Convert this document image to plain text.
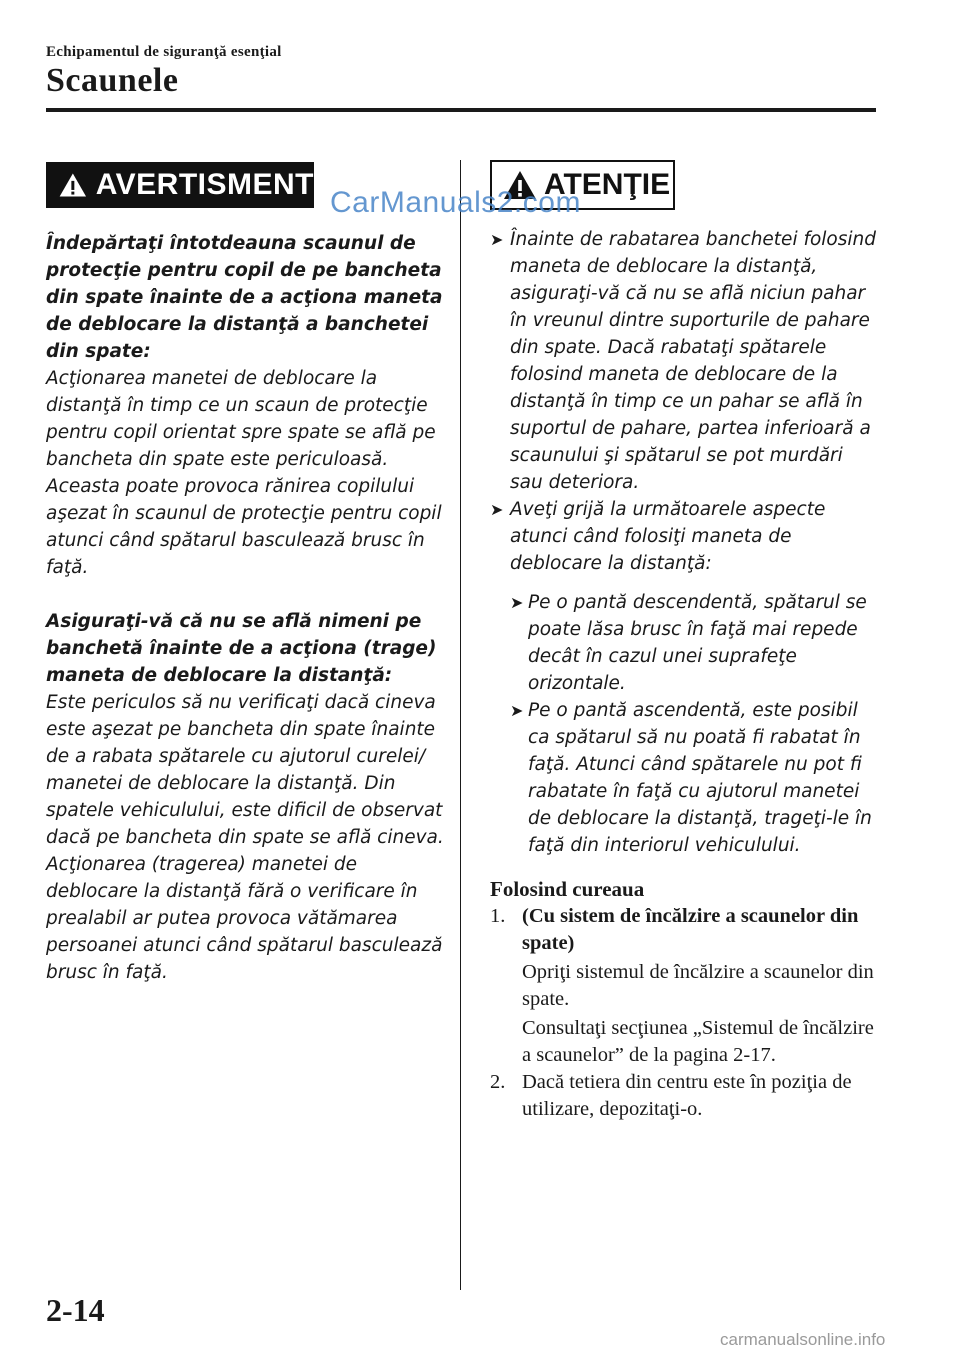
Echipamentul de siguranţă esenţial
Scaunele
AVERTISMENT	ATENŢIE
CarManuals2.com

Îndepărtaţi întotdeauna scaunul de protecţie pentru copil de pe bancheta din spate înainte de a acţiona maneta de deblocare la distanţă a banchetei din spate:

Acţionarea manetei de deblocare la distanţă în timp ce un scaun de protecţie pentru copil orientat spre spate se află pe bancheta din spate este periculoasă. Aceasta poate provoca rănirea copilului aşezat în scaunul de protecţie pentru copil atunci când spătarul basculează brusc în faţă.

Asiguraţi-vă că nu se află nimeni pe banchetă înainte de a acţiona (trage) maneta de deblocare la distanţă:

Este periculos să nu verificaţi dacă cineva este aşezat pe bancheta din spate înainte de a rabata spătarele cu ajutorul curelei/ manetei de deblocare la distanţă. Din spatele vehiculului, este dificil de observat dacă pe bancheta din spate se află cineva. Acţionarea (tragerea) manetei de deblocare la distanţă fără o verificare în prealabil ar putea provoca vătămarea persoanei atunci când spătarul basculează brusc în faţă.

➤ Înainte de rabatarea banchetei folosind maneta de deblocare la distanţă, asiguraţi-vă că nu se află niciun pahar în vreunul dintre suporturile de pahare din spate. Dacă rabataţi spătarele folosind maneta de deblocare de la distanţă în timp ce un pahar se află în suportul de pahare, partea inferioară a scaunului şi spătarul se pot murdări sau deteriora.
➤ Aveţi grijă la următoarele aspecte atunci când folosiţi maneta de deblocare la distanţă:
➤ Pe o pantă descendentă, spătarul se poate lăsa brusc în faţă mai repede decât în cazul unei suprafeţe orizontale.
➤ Pe o pantă ascendentă, este posibil ca spătarul să nu poată fi rabatat în faţă. Atunci când spătarele nu pot fi rabatate în faţă cu ajutorul manetei de deblocare la distanţă, trageţi-le în faţă din interiorul vehiculului.

Folosind cureaua

1. (Cu sistem de încălzire a scaunelor din spate)

Opriţi sistemul de încălzire a scaunelor din spate.

Consultaţi secţiunea „Sistemul de încălzire a scaunelor” de la pagina 2-17.

2. Dacă tetiera din centru este în poziţia de utilizare, depozitaţi-o.

2-14
carmanualsonline.info
